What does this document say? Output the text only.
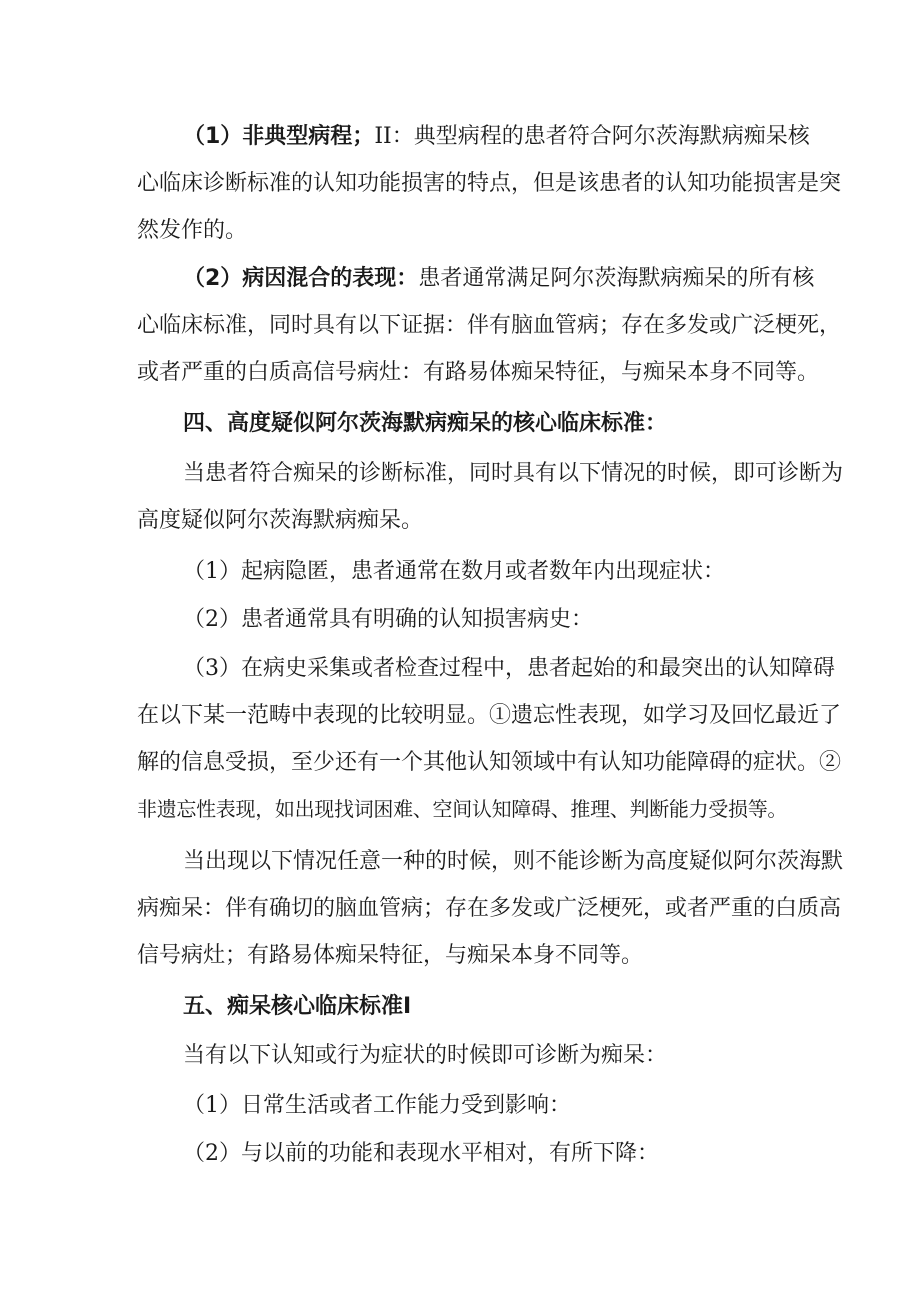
（1）非典型病程；II：典型病程的患者符合阿尔茨海默病痴呆核
心临床诊断标准的认知功能损害的特点，但是该患者的认知功能损害是突
然发作的。
（2）病因混合的表现：患者通常满足阿尔茨海默病痴呆的所有核
心临床标准，同时具有以下证据：伴有脑血管病；存在多发或广泛梗死，
或者严重的白质高信号病灶：有路易体痴呆特征，与痴呆本身不同等。
四、高度疑似阿尔茨海默病痴呆的核心临床标准：
当患者符合痴呆的诊断标准，同时具有以下情况的时候，即可诊断为
高度疑似阿尔茨海默病痴呆。
（1）起病隐匿，患者通常在数月或者数年内出现症状：
（2）患者通常具有明确的认知损害病史：
（3）在病史采集或者检查过程中，患者起始的和最突出的认知障碍
在以下某一范畴中表现的比较明显。①遗忘性表现，如学习及回忆最近了
解的信息受损，至少还有一个其他认知领域中有认知功能障碍的症状。②
非遗忘性表现，如出现找词困难、空间认知障碍、推理、判断能力受损等。
当出现以下情况任意一种的时候，则不能诊断为高度疑似阿尔茨海默
病痴呆：伴有确切的脑血管病；存在多发或广泛梗死，或者严重的白质高
信号病灶；有路易体痴呆特征，与痴呆本身不同等。
五、痴呆核心临床标准I
当有以下认知或行为症状的时候即可诊断为痴呆：
（1）日常生活或者工作能力受到影响：
（2）与以前的功能和表现水平相对，有所下降：
